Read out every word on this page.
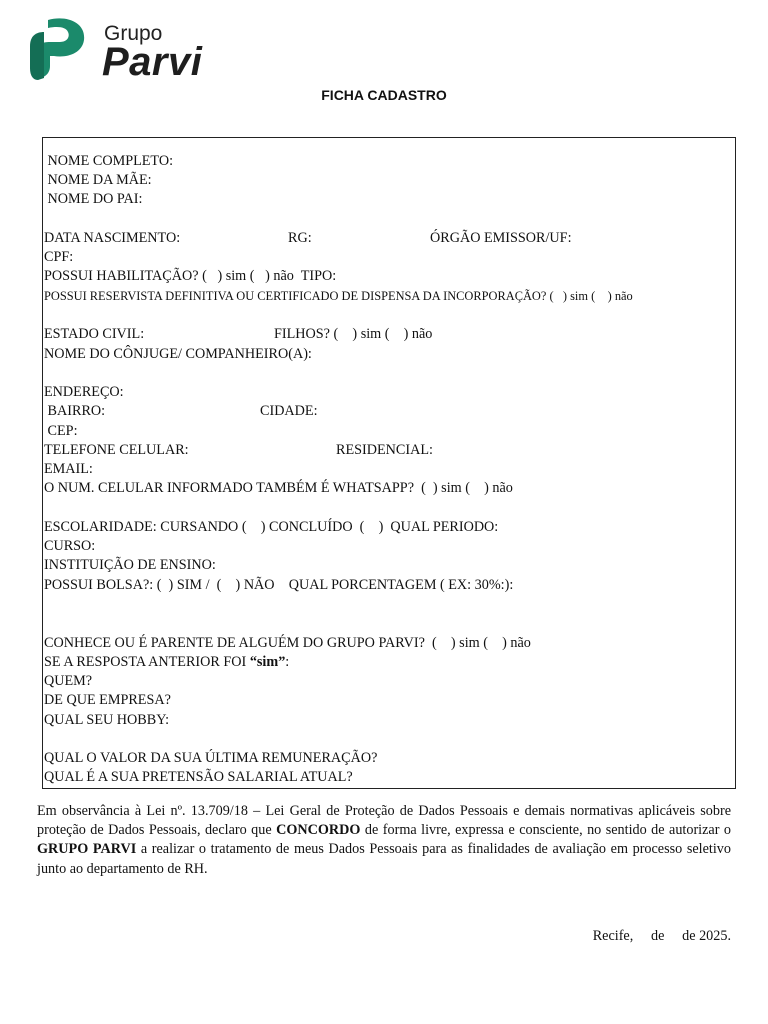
Grupo
Parvi
FICHA CADASTRO
NOME COMPLETO:
NOME DA MÃE:
NOME DO PAI:
DATA NASCIMENTO:	RG:	ÓRGÃO EMISSOR/UF:
CPF:
POSSUI HABILITAÇÃO? (   ) sim (   ) não  TIPO:
POSSUI RESERVISTA DEFINITIVA OU CERTIFICADO DE DISPENSA DA INCORPORAÇÃO? (   ) sim (    ) não
ESTADO CIVIL:	FILHOS? (    ) sim (    ) não
NOME DO CÔNJUGE/ COMPANHEIRO(A):
ENDEREÇO:
BAIRRO:	CIDADE:
CEP:
TELEFONE CELULAR:	RESIDENCIAL:
EMAIL:
O NUM. CELULAR INFORMADO TAMBÉM É WHATSAPP?  (  ) sim (    ) não
ESCOLARIDADE: CURSANDO (    ) CONCLUÍDO  (    )  QUAL PERIODO:
CURSO:
INSTITUIÇÃO DE ENSINO:
POSSUI BOLSA?: (  ) SIM /  (    ) NÃO    QUAL PORCENTAGEM ( EX: 30%:):
CONHECE OU É PARENTE DE ALGUÉM DO GRUPO PARVI?  (    ) sim (    ) não
SE A RESPOSTA ANTERIOR FOI “sim”:
QUEM?
DE QUE EMPRESA?
QUAL SEU HOBBY:
QUAL O VALOR DA SUA ÚLTIMA REMUNERAÇÃO?
QUAL É A SUA PRETENSÃO SALARIAL ATUAL?
Em observância à Lei nº. 13.709/18 – Lei Geral de Proteção de Dados Pessoais e demais normativas aplicáveis sobre proteção de Dados Pessoais, declaro que CONCORDO de forma livre, expressa e consciente, no sentido de autorizar o GRUPO PARVI a realizar o tratamento de meus Dados Pessoais para as finalidades de avaliação em processo seletivo junto ao departamento de RH.
Recife,     de     de 2025.
